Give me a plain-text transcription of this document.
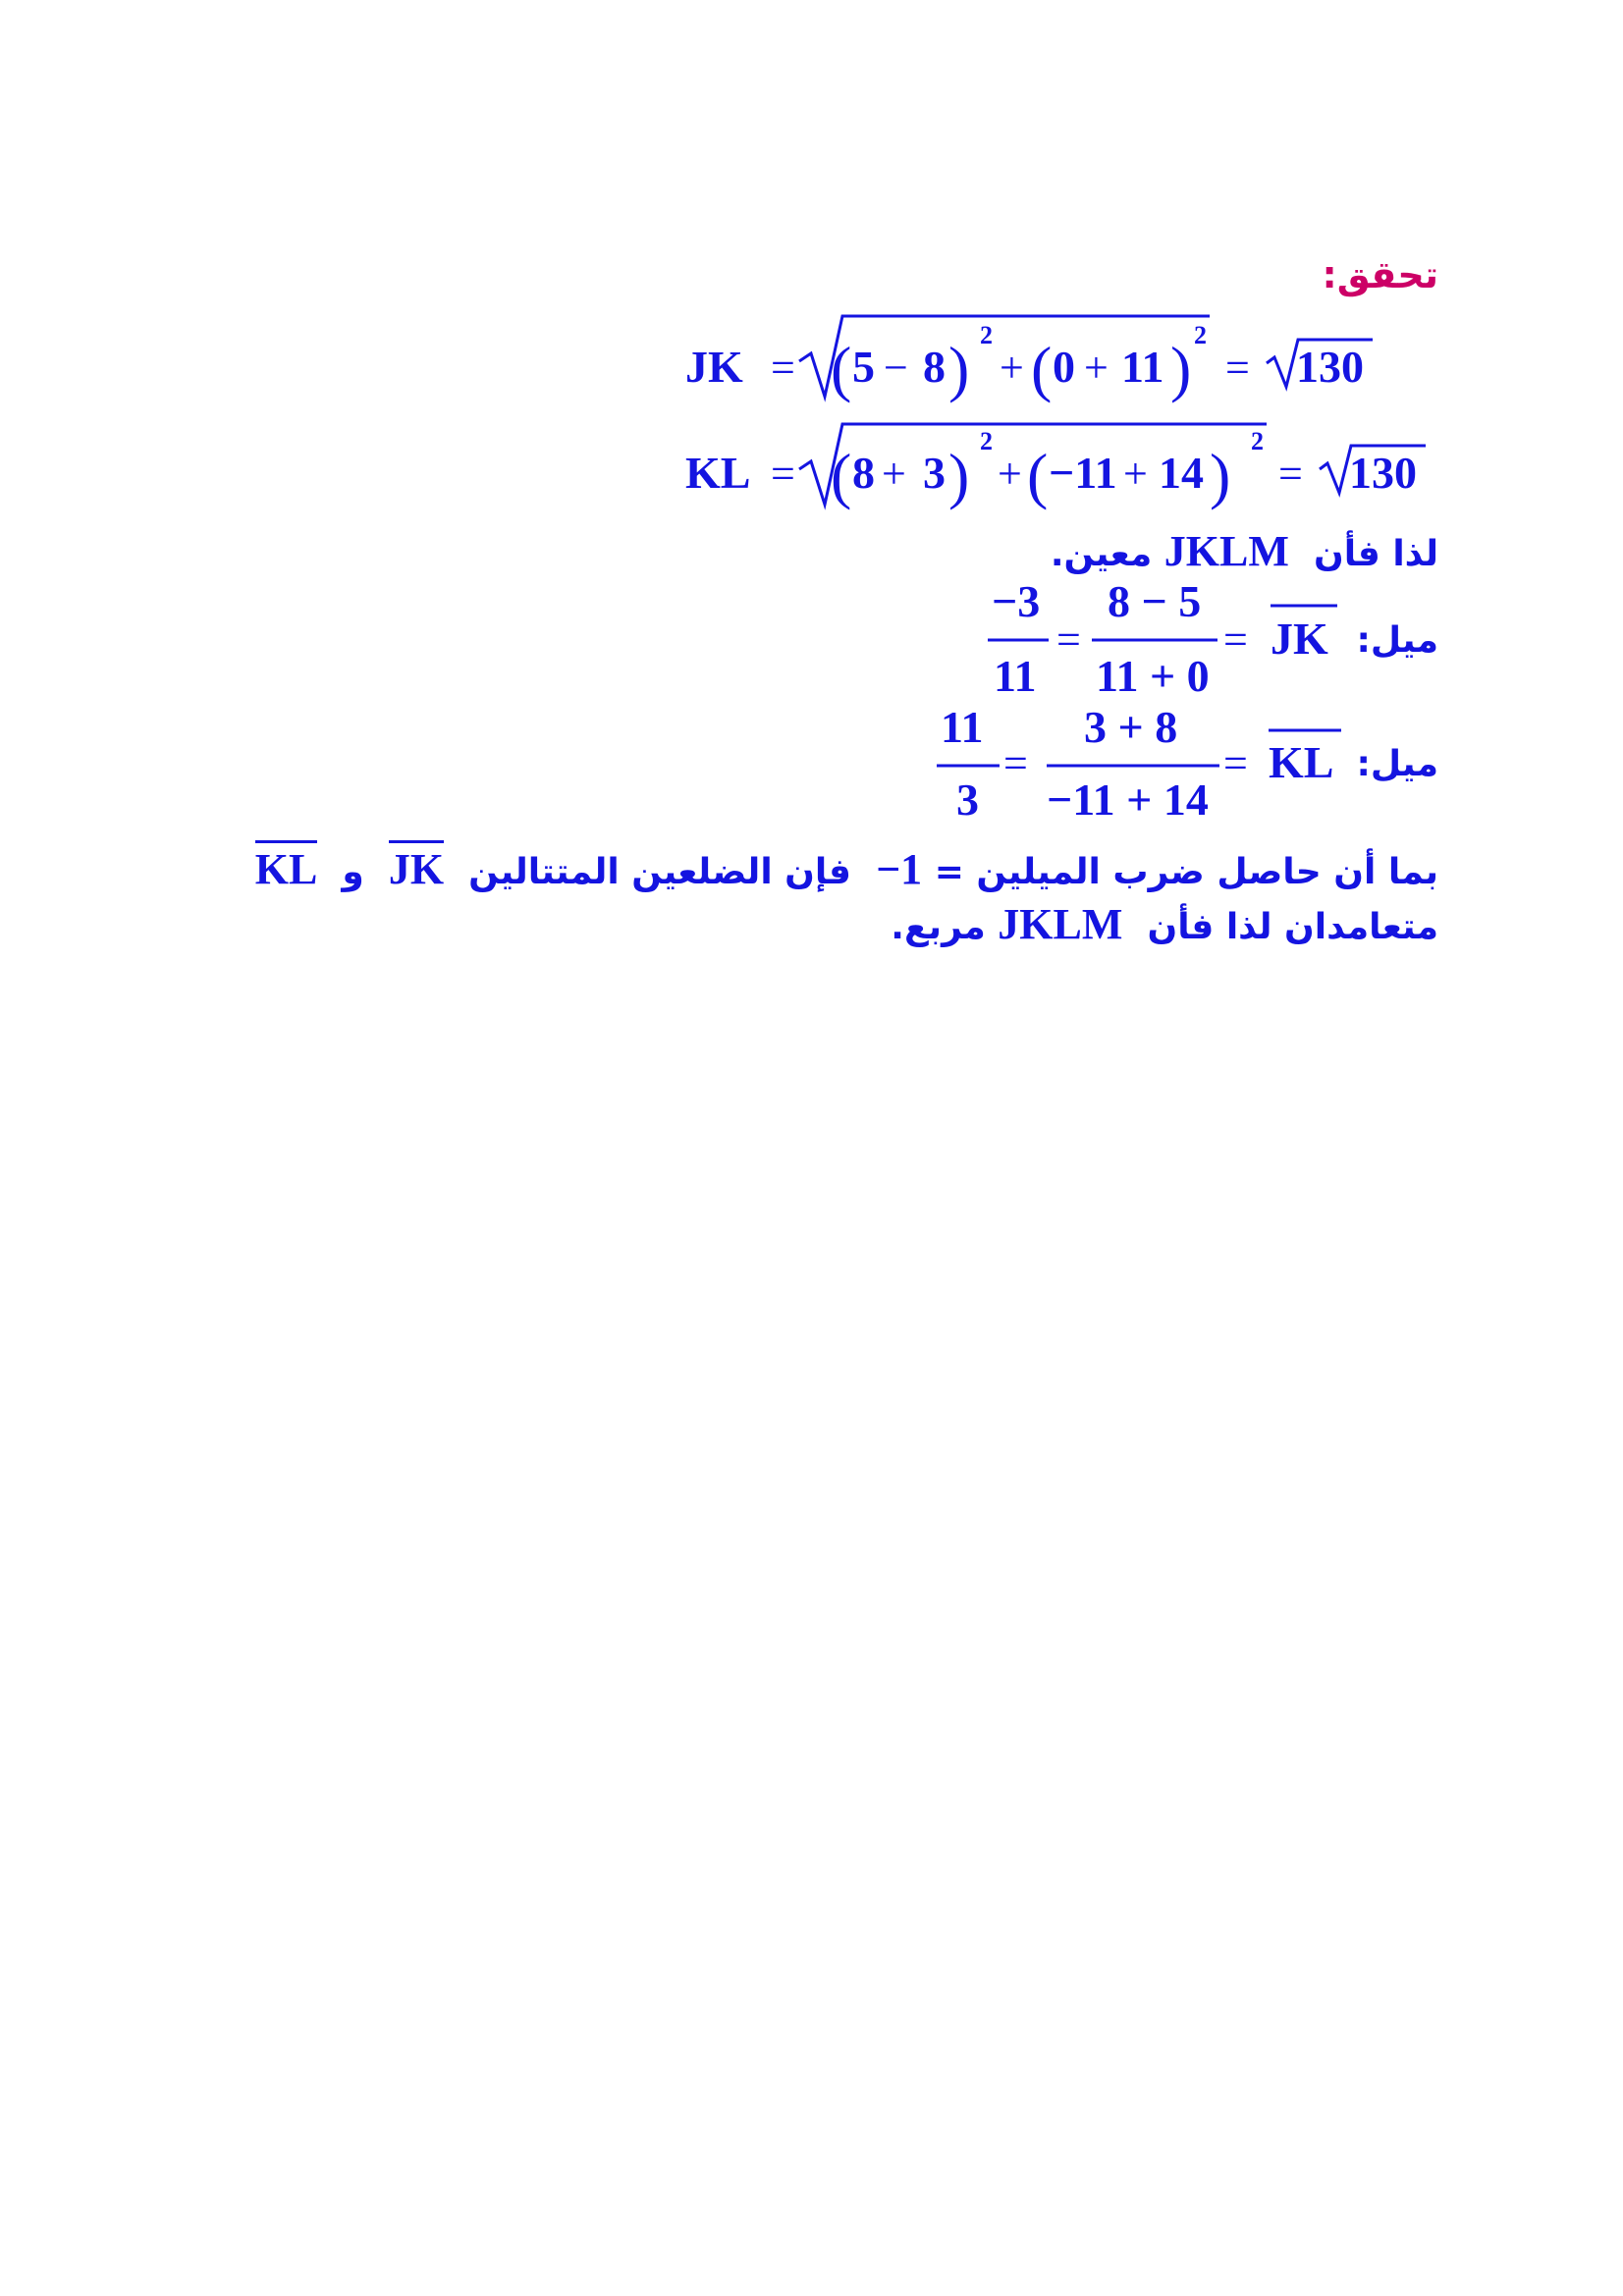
تحقق:
JK = ( 5 − 8 ) 2
+ ( 0 + 11 ) 2
= 130
KL = ( 8 + 3 ) 2
+ ( −11 + 14 ) 2
= 130
لذا فأن  JKLM معين.
ميل:
−3
11
=
8 − 5
11 + 0
= JK
ميل:
11
3
=
3 + 8
−11 + 14
= KL
بما أن حاصل ضرب الميلين = −1  فإن الضلعين المتتالين  JK  و  KL
متعامدان لذا فأن  JKLM مربع.
